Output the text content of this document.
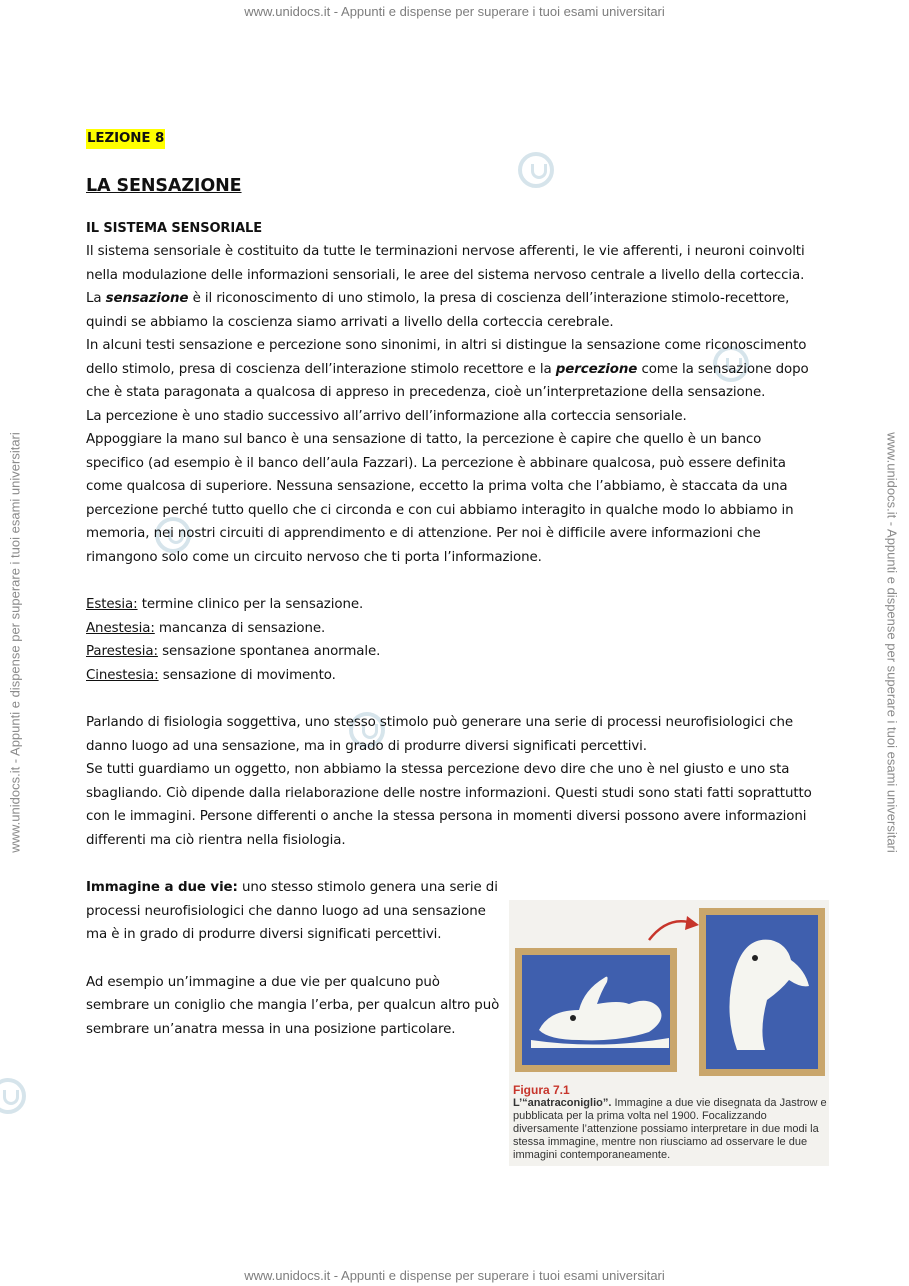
www.unidocs.it - Appunti e dispense per superare i tuoi esami universitari
www.unidocs.it - Appunti e dispense per superare i tuoi esami universitari
www.unidocs.it - Appunti e dispense per superare i tuoi esami universitari	www.unidocs.it - Appunti e dispense per superare i tuoi esami universitari
LEZIONE 8
LA SENSAZIONE
IL SISTEMA SENSORIALE

Il sistema sensoriale è costituito da tutte le terminazioni nervose afferenti, le vie afferenti, i neuroni coinvolti nella modulazione delle informazioni sensoriali, le aree del sistema nervoso centrale a livello della corteccia.

La sensazione è il riconoscimento di uno stimolo, la presa di coscienza dell’interazione stimolo-recettore, quindi se abbiamo la coscienza siamo arrivati a livello della corteccia cerebrale.

In alcuni testi sensazione e percezione sono sinonimi, in altri si distingue la sensazione come riconoscimento dello stimolo, presa di coscienza dell’interazione stimolo recettore e la percezione come la sensazione dopo che è stata paragonata a qualcosa di appreso in precedenza, cioè un’interpretazione della sensazione.

La percezione è uno stadio successivo all’arrivo dell’informazione alla corteccia sensoriale.

Appoggiare la mano sul banco è una sensazione di tatto, la percezione è capire che quello è un banco specifico (ad esempio è il banco dell’aula Fazzari). La percezione è abbinare qualcosa, può essere definita come qualcosa di superiore. Nessuna sensazione, eccetto la prima volta che l’abbiamo, è staccata da una percezione perché tutto quello che ci circonda e con cui abbiamo interagito in qualche modo lo abbiamo in memoria, nei nostri circuiti di apprendimento e di attenzione. Per noi è difficile avere informazioni che rimangono solo come un circuito nervoso che ti porta l’informazione.

Estesia: termine clinico per la sensazione.

Anestesia: mancanza di sensazione.

Parestesia: sensazione spontanea anormale.

Cinestesia: sensazione di movimento.

Parlando di fisiologia soggettiva, uno stesso stimolo può generare una serie di processi neurofisiologici che danno luogo ad una sensazione, ma in grado di produrre diversi significati percettivi.

Se tutti guardiamo un oggetto, non abbiamo la stessa percezione devo dire che uno è nel giusto e uno sta sbagliando. Ciò dipende dalla rielaborazione delle nostre informazioni. Questi studi sono stati fatti soprattutto con le immagini. Persone differenti o anche la stessa persona in momenti diversi possono avere informazioni differenti ma ciò rientra nella fisiologia.

Immagine a due vie: uno stesso stimolo genera una serie di processi neurofisiologici che danno luogo ad una sensazione ma è in grado di produrre diversi significati percettivi.

Ad esempio un’immagine a due vie per qualcuno può sembrare un coniglio che mangia l’erba, per qualcun altro può sembrare un’anatra messa in una posizione particolare.

Figura 7.1
L’“anatraconiglio”. Immagine a due vie disegnata da Jastrow e pubblicata per la prima volta nel 1900. Focalizzando diversamente l’attenzione possiamo interpretare in due modi la stessa immagine, mentre non riusciamo ad osservare le due immagini contemporaneamente.
